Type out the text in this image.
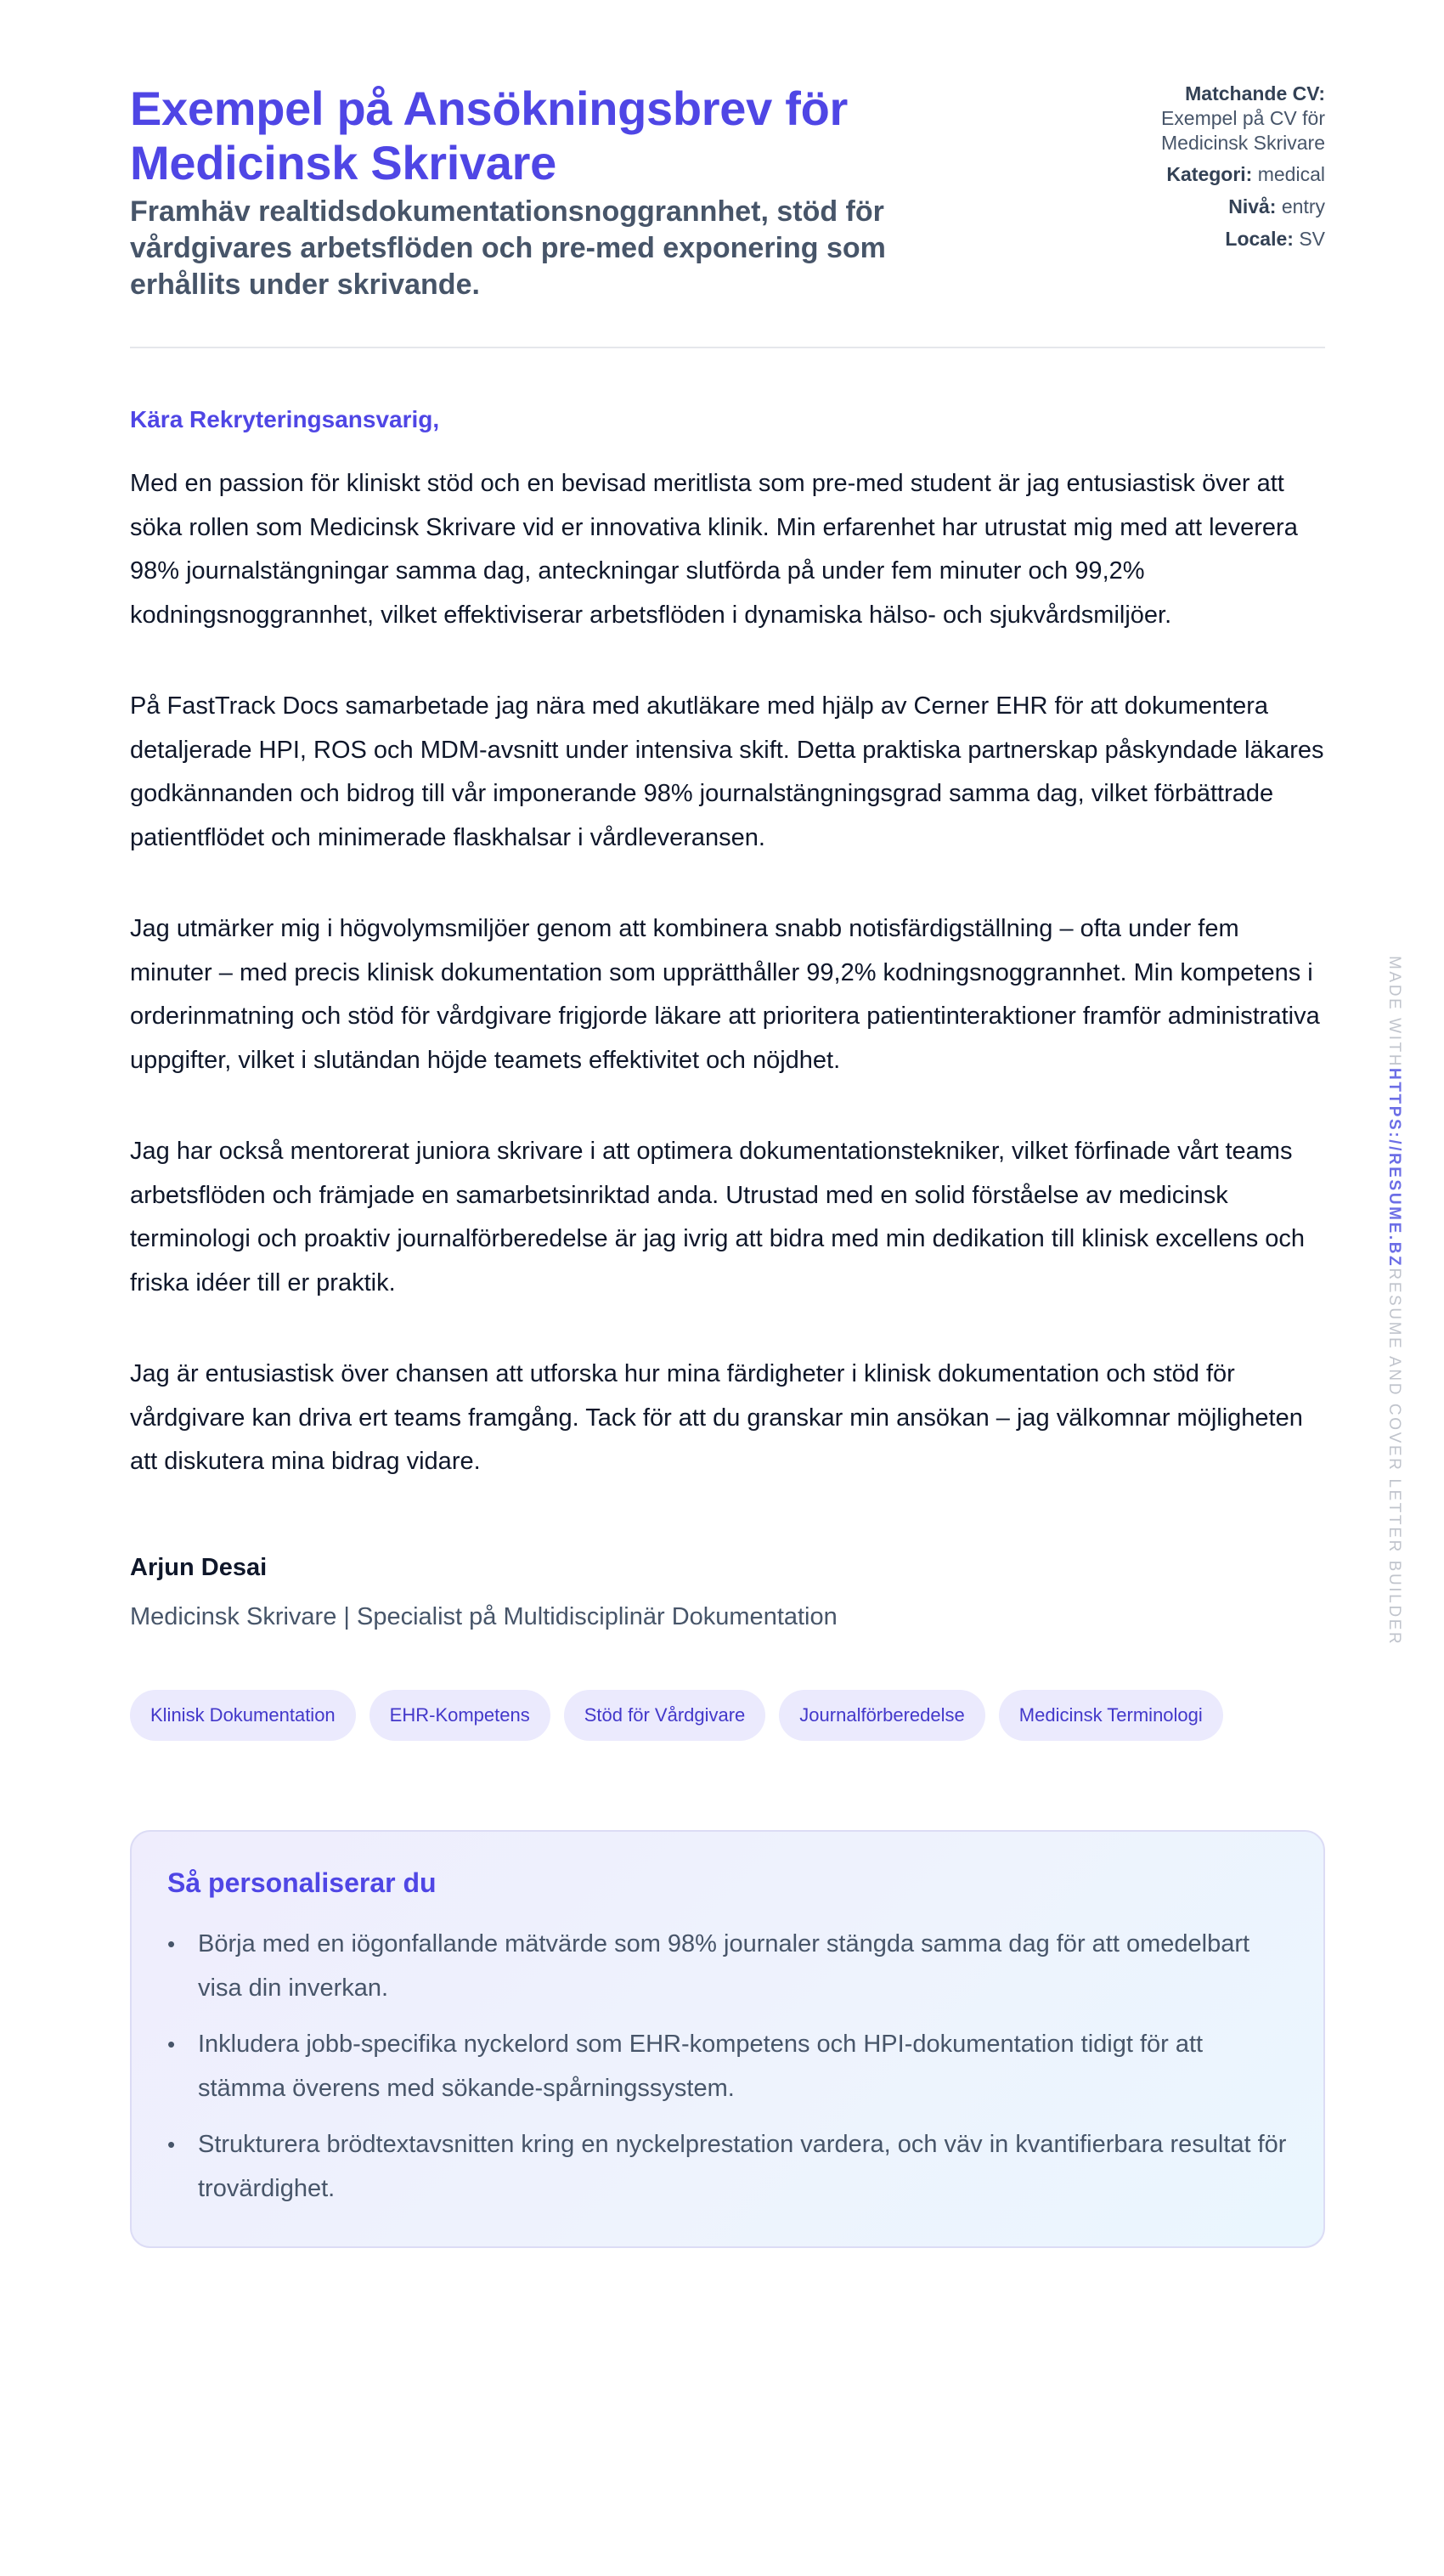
Exempel på Ansökningsbrev för Medicinsk Skrivare
Framhäv realtidsdokumentationsnoggrannhet, stöd för vårdgivares arbetsflöden och pre-med exponering som erhållits under skrivande.
Matchande CV:
Exempel på CV för Medicinsk Skrivare
Kategori: medical
Nivå: entry
Locale: SV
Kära Rekryteringsansvarig,

Med en passion för kliniskt stöd och en bevisad meritlista som pre-med student är jag entusiastisk över att söka rollen som Medicinsk Skrivare vid er innovativa klinik. Min erfarenhet har utrustat mig med att leverera 98% journalstängningar samma dag, anteckningar slutförda på under fem minuter och 99,2% kodningsnoggrannhet, vilket effektiviserar arbetsflöden i dynamiska hälso- och sjukvårdsmiljöer.

På FastTrack Docs samarbetade jag nära med akutläkare med hjälp av Cerner EHR för att dokumentera detaljerade HPI, ROS och MDM-avsnitt under intensiva skift. Detta praktiska partnerskap påskyndade läkares godkännanden och bidrog till vår imponerande 98% journalstängningsgrad samma dag, vilket förbättrade patientflödet och minimerade flaskhalsar i vårdleveransen.

Jag utmärker mig i högvolymsmiljöer genom att kombinera snabb notisfärdigställning – ofta under fem minuter – med precis klinisk dokumentation som upprätthåller 99,2% kodningsnoggrannhet. Min kompetens i orderinmatning och stöd för vårdgivare frigjorde läkare att prioritera patientinteraktioner framför administrativa uppgifter, vilket i slutändan höjde teamets effektivitet och nöjdhet.

Jag har också mentorerat juniora skrivare i att optimera dokumentationstekniker, vilket förfinade vårt teams arbetsflöden och främjade en samarbetsinriktad anda. Utrustad med en solid förståelse av medicinsk terminologi och proaktiv journalförberedelse är jag ivrig att bidra med min dedikation till klinisk excellens och friska idéer till er praktik.

Jag är entusiastisk över chansen att utforska hur mina färdigheter i klinisk dokumentation och stöd för vårdgivare kan driva ert teams framgång. Tack för att du granskar min ansökan – jag välkomnar möjligheten att diskutera mina bidrag vidare.

Arjun Desai
Medicinsk Skrivare | Specialist på Multidisciplinär Dokumentation
Klinisk Dokumentation	EHR-Kompetens	Stöd för Vårdgivare	Journalförberedelse	Medicinsk Terminologi
Så personaliserar du
• Börja med en iögonfallande mätvärde som 98% journaler stängda samma dag för att omedelbart visa din inverkan.
• Inkludera jobb-specifika nyckelord som EHR-kompetens och HPI-dokumentation tidigt för att stämma överens med sökande-spårningssystem.
• Strukturera brödtextavsnitten kring en nyckelprestation vardera, och väv in kvantifierbara resultat för trovärdighet.
MADE WITHHTTPS://RESUME.BZRESUME AND COVER LETTER BUILDER
